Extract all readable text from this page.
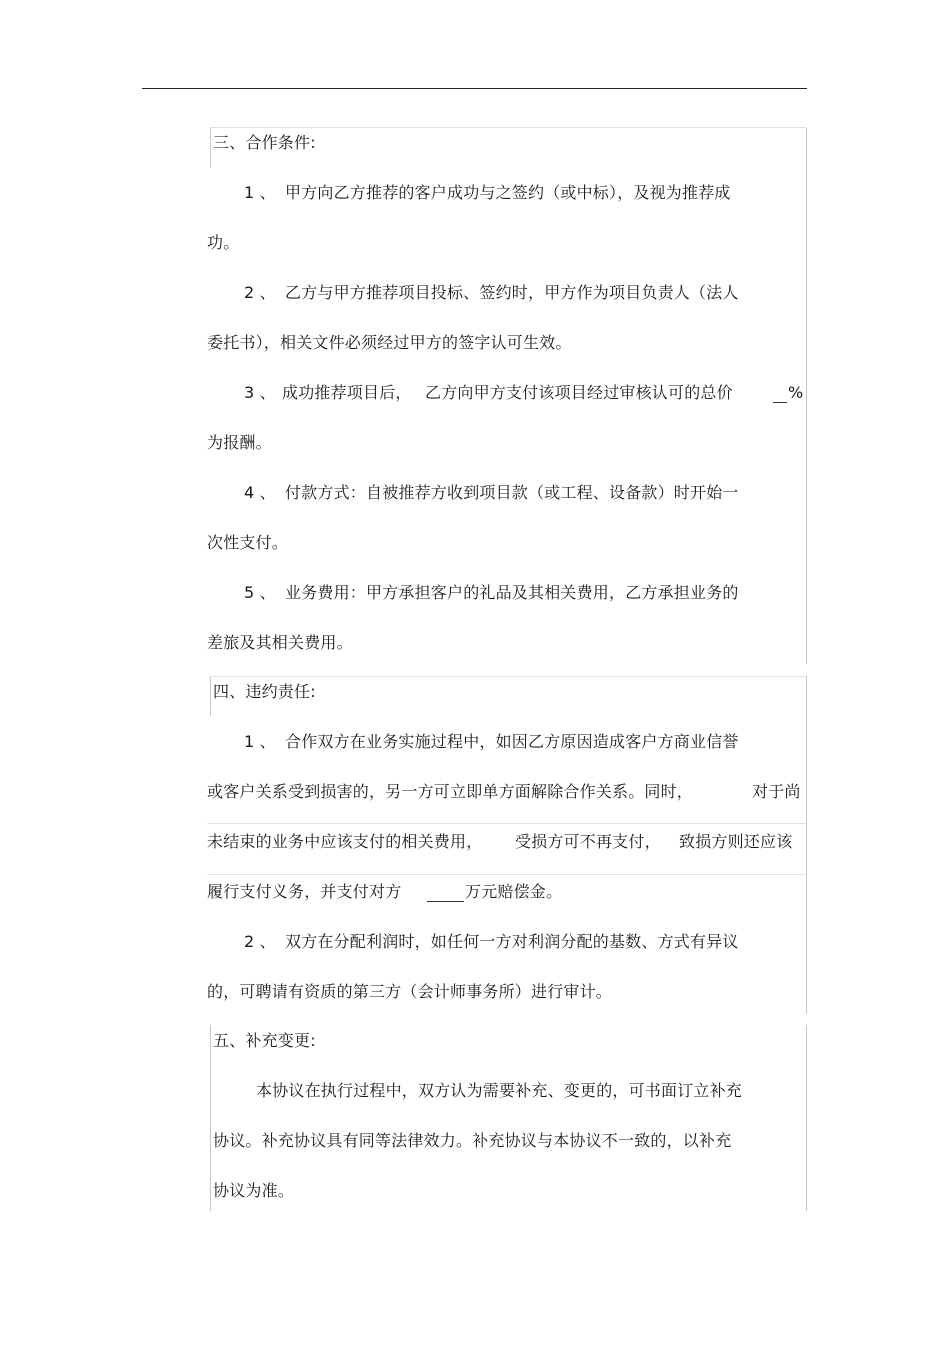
三、合作条件:
1 、 甲方向乙方推荐的客户成功与之签约（或中标），及视为推荐成
功。
2 、 乙方与甲方推荐项目投标、签约时，甲方作为项目负责人（法人
委托书），相关文件必须经过甲方的签字认可生效。
3 、 成功推荐项目后， 乙方向甲方支付该项目经过审核认可的总价	%
为报酬。
4 、 付款方式：自被推荐方收到项目款（或工程、设备款）时开始一
次性支付。
5 、 业务费用：甲方承担客户的礼品及其相关费用，乙方承担业务的
差旅及其相关费用。
四、违约责任:
1 、 合作双方在业务实施过程中，如因乙方原因造成客户方商业信誉
或客户关系受到损害的，另一方可立即单方面解除合作关系。同时，	对于尚
未结束的业务中应该支付的相关费用， 受损方可不再支付， 致损方则还应该
履行支付义务，并支付对方	万元赔偿金。
2 、 双方在分配利润时，如任何一方对利润分配的基数、方式有异议
的，可聘请有资质的第三方（会计师事务所）进行审计。
五、补充变更:
本协议在执行过程中，双方认为需要补充、变更的，可书面订立补充
协议。补充协议具有同等法律效力。补充协议与本协议不一致的，以补充
协议为准。
